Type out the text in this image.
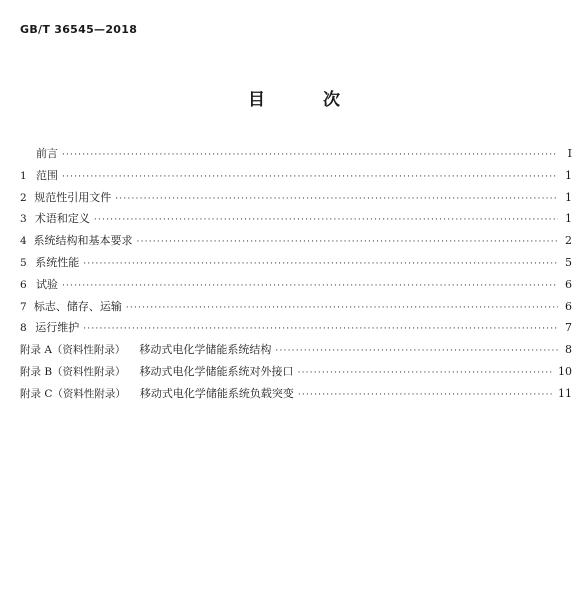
GB/T 36545—2018
目 次
前言 ·····	Ⅰ
1 范围 ·····	1
2 规范性引用文件 ·····	1
3 术语和定义 ·····	1
4 系统结构和基本要求 ·····	2
5 系统性能 ·····	5
6 试验 ·····	6
7 标志、储存、运输 ·····	6
8 运行维护 ·····	7
附录 A（资料性附录） 移动式电化学储能系统结构 ·····	8
附录 B（资料性附录） 移动式电化学储能系统对外接口 ·····	10
附录 C（资料性附录） 移动式电化学储能系统负载突变 ·····	11
